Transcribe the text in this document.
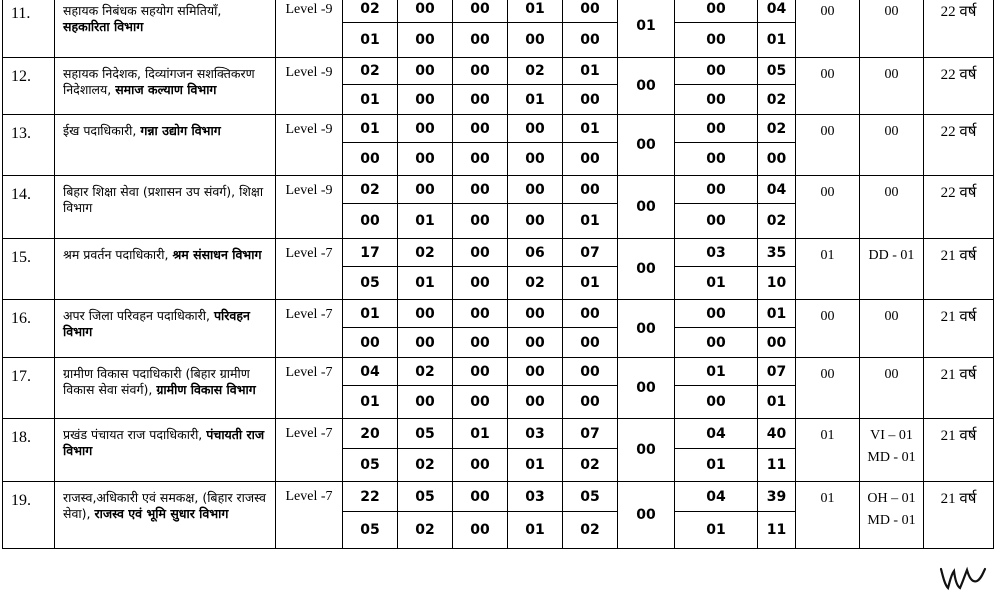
11.	सहायक निबंधक सहयोग समितियाँ, सहकारिता विभाग	Level -9	02	00	00	01	00	01	00	04	00	00	22 वर्ष
			01	00	00	00	00		00	01			
12.	सहायक निदेशक, दिव्यांगजन सशक्तिकरण निदेशालय, समाज कल्याण विभाग	Level -9	02	00	00	02	01	00	00	05	00	00	22 वर्ष
			01	00	00	01	00		00	02			
13.	ईख पदाधिकारी, गन्ना उद्योग विभाग	Level -9	01	00	00	00	01	00	00	02	00	00	22 वर्ष
			00	00	00	00	00		00	00			
14.	बिहार शिक्षा सेवा (प्रशासन उप संवर्ग), शिक्षा विभाग	Level -9	02	00	00	00	00	00	00	04	00	00	22 वर्ष
			00	01	00	00	01		00	02			
15.	श्रम प्रवर्तन पदाधिकारी, श्रम संसाधन विभाग	Level -7	17	02	00	06	07	00	03	35	01	DD - 01	21 वर्ष
			05	01	00	02	01		01	10			
16.	अपर जिला परिवहन पदाधिकारी, परिवहन विभाग	Level -7	01	00	00	00	00	00	00	01	00	00	21 वर्ष
			00	00	00	00	00		00	00			
17.	ग्रामीण विकास पदाधिकारी (बिहार ग्रामीण विकास सेवा संवर्ग), ग्रामीण विकास विभाग	Level -7	04	02	00	00	00	00	01	07	00	00	21 वर्ष
			01	00	00	00	00		00	01			
18.	प्रखंड पंचायत राज पदाधिकारी, पंचायती राज विभाग	Level -7	20	05	01	03	07	00	04	40	01	VI – 01
MD - 01	21 वर्ष
			05	02	00	01	02		01	11			
19.	राजस्व,अधिकारी एवं समकक्ष, (बिहार राजस्व सेवा), राजस्व एवं भूमि सुधार विभाग	Level -7	22	05	00	03	05	00	04	39	01	OH – 01
MD - 01	21 वर्ष
			05	02	00	01	02		01	11			
